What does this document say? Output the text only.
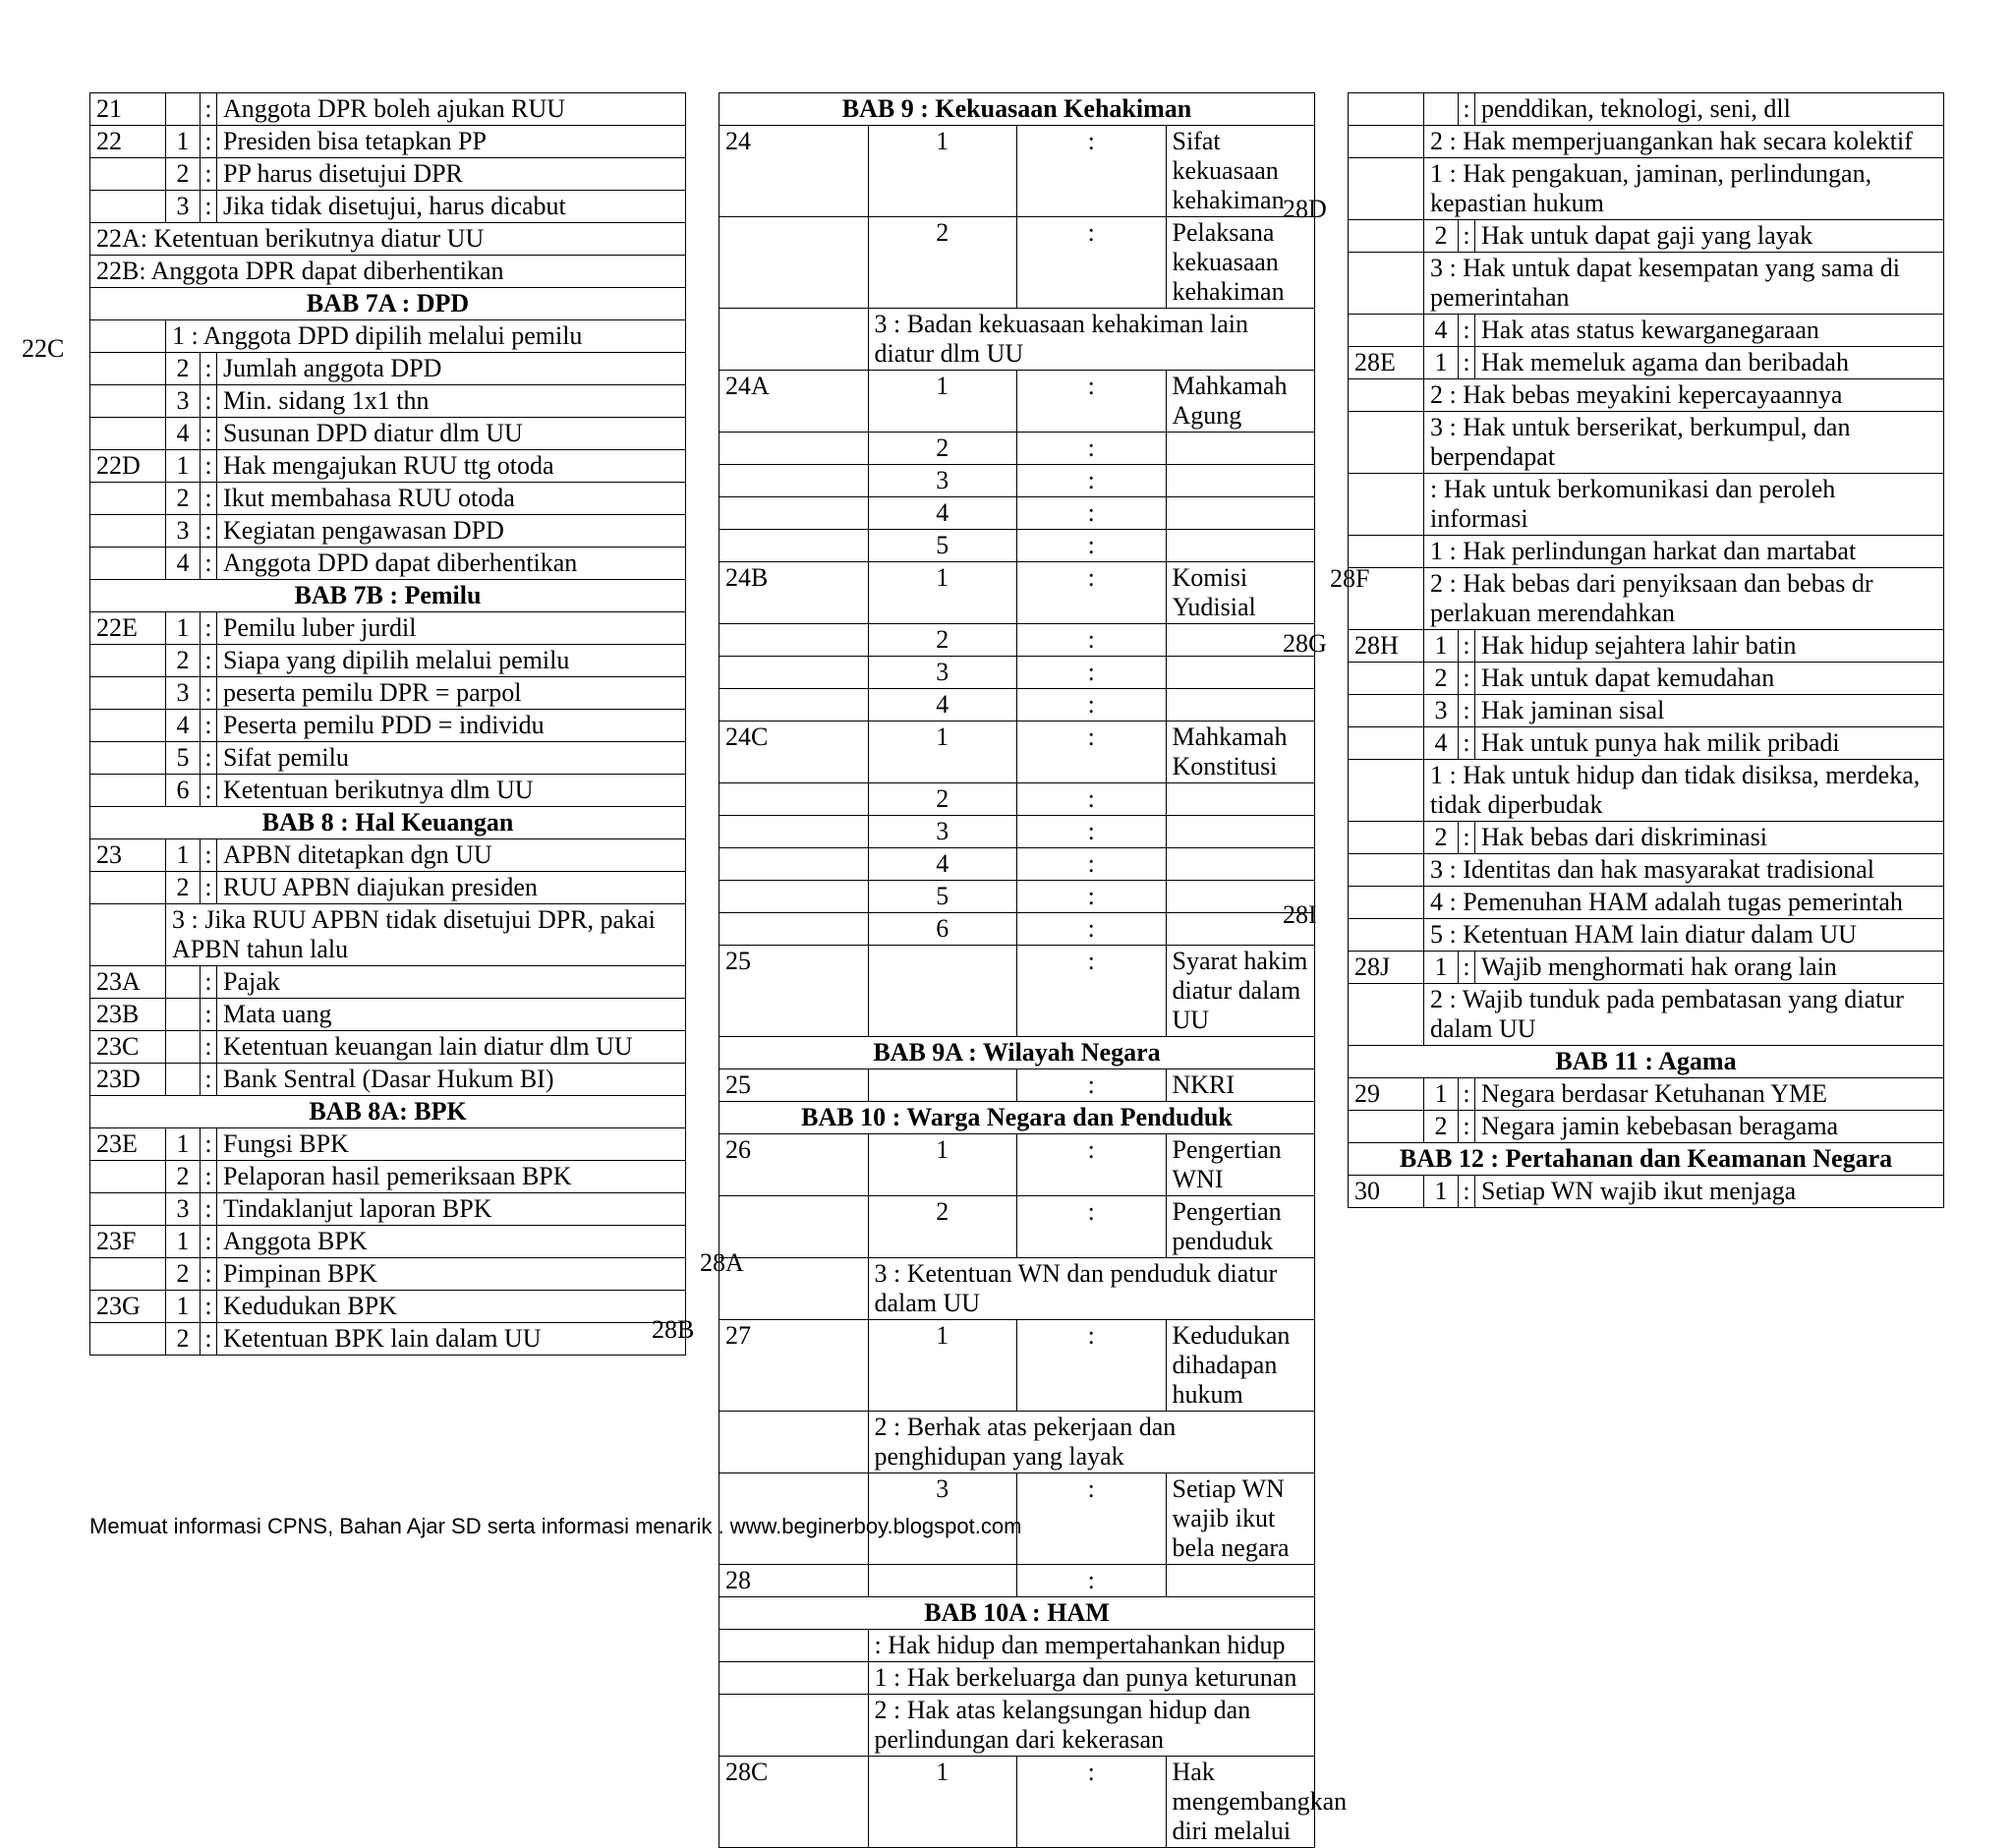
21		:	Anggota DPR boleh ajukan RUU
22	1	:	Presiden bisa tetapkan PP
	2	:	PP harus disetujui DPR
	3	:	Jika tidak disetujui, harus dicabut
22A: Ketentuan berikutnya diatur UU			
22B: Anggota DPR dapat diberhentikan			
BAB 7A : DPD			
	1 : Anggota DPD dipilih melalui pemilu		
	2	:	Jumlah anggota DPD
	3	:	Min. sidang 1x1 thn
	4	:	Susunan DPD diatur dlm UU
22D	1	:	Hak mengajukan RUU ttg otoda
	2	:	Ikut membahasa RUU otoda
	3	:	Kegiatan pengawasan DPD
	4	:	Anggota DPD dapat diberhentikan
BAB 7B : Pemilu			
22E	1	:	Pemilu luber jurdil
	2	:	Siapa yang dipilih melalui pemilu
	3	:	peserta pemilu DPR = parpol
	4	:	Peserta pemilu PDD = individu
	5	:	Sifat pemilu
	6	:	Ketentuan berikutnya dlm UU
BAB 8 : Hal Keuangan			
23	1	:	APBN ditetapkan dgn UU
	2	:	RUU APBN diajukan presiden
	3 : Jika RUU APBN tidak disetujui DPR, pakai APBN tahun lalu		
23A		:	Pajak
23B		:	Mata uang
23C		:	Ketentuan keuangan lain diatur dlm UU
23D		:	Bank Sentral (Dasar Hukum BI)
BAB 8A: BPK			
23E	1	:	Fungsi BPK
	2	:	Pelaporan hasil pemeriksaan BPK
	3	:	Tindaklanjut laporan BPK
23F	1	:	Anggota BPK
	2	:	Pimpinan BPK
23G	1	:	Kedudukan BPK
	2	:	Ketentuan BPK lain dalam UU
BAB 9 : Kekuasaan Kehakiman			
24	1	:	Sifat kekuasaan kehakiman
	2	:	Pelaksana kekuasaan kehakiman
	3 : Badan kekuasaan kehakiman lain diatur dlm UU		
24A	1	:	Mahkamah Agung
	2	:	
	3	:	
	4	:	
	5	:	
24B	1	:	Komisi Yudisial
	2	:	
	3	:	
	4	:	
24C	1	:	Mahkamah Konstitusi
	2	:	
	3	:	
	4	:	
	5	:	
	6	:	
25		:	Syarat hakim diatur dalam UU
BAB 9A : Wilayah Negara			
25		:	NKRI
BAB 10 : Warga Negara dan Penduduk			
26	1	:	Pengertian WNI
	2	:	Pengertian penduduk
	3 : Ketentuan WN dan penduduk diatur dalam UU		
27	1	:	Kedudukan dihadapan hukum
	2 : Berhak atas pekerjaan dan penghidupan yang layak		
	3	:	Setiap WN wajib ikut bela negara
28		:	
BAB 10A : HAM			
	: Hak hidup dan mempertahankan hidup		
	1 : Hak berkeluarga dan punya keturunan		
	2 : Hak atas kelangsungan hidup dan perlindungan dari kekerasan		
28C	1	:	Hak mengembangkan diri melalui
		:	penddikan, teknologi, seni, dll
	2 : Hak memperjuangankan hak secara kolektif		
	1 : Hak pengakuan, jaminan, perlindungan, kepastian hukum		
	2	:	Hak untuk dapat gaji yang layak
	3 : Hak untuk dapat kesempatan yang sama di pemerintahan		
	4	:	Hak atas status kewarganegaraan
28E	1	:	Hak memeluk agama dan beribadah
	2 : Hak bebas meyakini kepercayaannya		
	3 : Hak untuk berserikat, berkumpul, dan berpendapat		
	: Hak untuk berkomunikasi dan peroleh informasi		
	1 : Hak perlindungan harkat dan martabat		
	2 : Hak bebas dari penyiksaan dan bebas dr perlakuan merendahkan		
28H	1	:	Hak hidup sejahtera lahir batin
	2	:	Hak untuk dapat kemudahan
	3	:	Hak jaminan sisal
	4	:	Hak untuk punya hak milik pribadi
	1 : Hak untuk hidup dan tidak disiksa, merdeka, tidak diperbudak		
	2	:	Hak bebas dari diskriminasi
	3 : Identitas dan hak masyarakat tradisional		
	4 : Pemenuhan HAM adalah tugas pemerintah		
	5 : Ketentuan HAM lain diatur dalam UU		
28J	1	:	Wajib menghormati hak orang lain
	2 : Wajib tunduk pada pembatasan yang diatur dalam UU		
BAB 11 : Agama			
29	1	:	Negara berdasar Ketuhanan YME
	2	:	Negara jamin kebebasan beragama
BAB 12 : Pertahanan dan Keamanan Negara			
30	1	:	Setiap WN wajib ikut menjaga
22C
28A
28B
28D
28F
28G
28I
Memuat informasi CPNS, Bahan Ajar SD serta informasi menarik . www.beginerboy.blogspot.com
